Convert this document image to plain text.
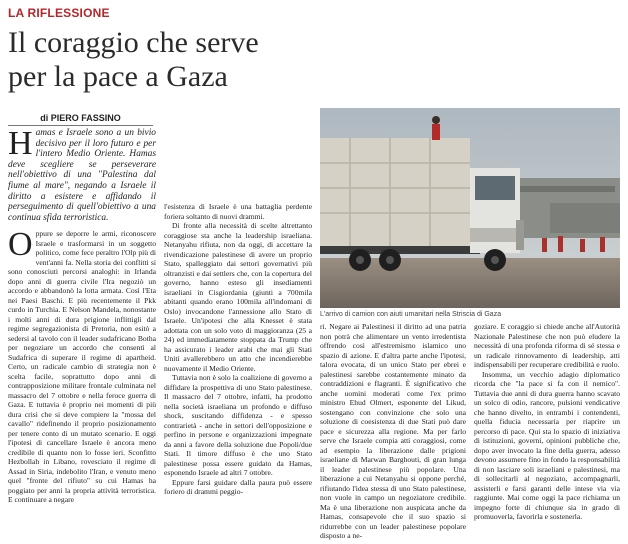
LA RIFLESSIONE
Il coraggio che serve
per la pace a Gaza
di PIERO FASSINO

Hamas e Israele sono a un bivio decisivo per il loro futuro e per l'intero Medio Oriente. Hamas deve scegliere se perseverare nell'obiettivo di una "Palestina dal fiume al mare", negando a Israele il diritto a esistere e affidando il perseguimento di quell'obiettivo a una continua sfida terroristica.

Oppure se deporre le armi, riconoscere Israele e trasformarsi in un soggetto politico, come fece peraltro l'Olp più di vent'anni fa. Nella storia dei conflitti si sono conosciuti percorsi analoghi: in Irlanda dopo anni di guerra civile l'Ira negoziò un accordo e abbandonò la lotta armata. Così l'Eta nei Paesi Baschi. E più recentemente il Pkk curdo in Turchia. E Nelson Mandela, nonostante i molti anni di dura prigione inflittigli dal regime segregazionista di Pretoria, non esitò a sedersi al tavolo con il leader sudafricano Botha per negoziare un accordo che consentì al Sudafrica di superare il regime di apartheid. Certo, un radicale cambio di strategia non è scelta facile, soprattutto dopo anni di contrapposizione militare frontale culminata nel massacro del 7 ottobre e nella feroce guerra di Gaza. E tuttavia è proprio nei momenti di più dura crisi che si deve compiere la "mossa del cavallo" ridefinendo il proprio posizionamento per tenere conto di un mutato scenario. E oggi l'ipotesi di cancellare Israele è ancora meno credibile di quanto non lo fosse ieri. Sconfitto Hezbollah in Libano, rovesciato il regime di Assad in Siria, indebolito l'Iran, e venuto meno quel "fronte del rifiuto" su cui Hamas ha poggiato per anni la propria attività terroristica. E continuare a negare

l'esistenza di Israele è una battaglia perdente foriera soltanto di nuovi drammi.

Di fronte alla necessità di scelte altrettanto coraggiose sta anche la leadership israeliana. Netanyahu rifiuta, non da oggi, di accettare la rivendicazione palestinese di avere un proprio Stato, spalleggiato dai settori governativi più oltranzisti e dai settlers che, con la copertura del governo, hanno esteso gli insediamenti israeliani in Cisgiordania (giunti a 700mila abitanti quando erano 100mila all'indomani di Oslo) invocandone l'annessione allo Stato di Israele. Un'ipotesi che alla Knesset è stata adottata con un solo voto di maggioranza (25 a 24) ed immediatamente stoppata da Trump che ha assicurato i leader arabi che mai gli Stati Uniti avallerebbero un atto che incendierebbe nuovamente il Medio Oriente.

Tuttavia non è solo la coalizione di governo a diffidare la prospettiva di uno Stato palestinese. Il massacro del 7 ottobre, infatti, ha prodotto nella società israeliana un profondo e diffuso shock, suscitando diffidenza - e spesso contrarietà - anche in settori dell'opposizione e perfino in persone e organizzazioni impegnate da anni a favore della soluzione due Popoli/due Stati. Il timore diffuso è che uno Stato palestinese possa essere guidato da Hamas, esponendo Israele ad altri 7 ottobre.

Eppure farsi guidare dalla paura può essere foriero di drammi peggio-

L'arrivo di camion con aiuti umanitari nella Striscia di Gaza

ri. Negare ai Palestinesi il diritto ad una patria non potrà che alimentare un vento irredentista offrendo così all'estremismo islamico uno spazio di azione. E d'altra parte anche l'ipotesi, talora evocata, di un unico Stato per ebrei e palestinesi sarebbe costantemente minato da contraddizioni e flagranti. È significativo che anche uomini moderati come l'ex primo ministro Ehud Olmert, esponente del Likud, sostengano con convinzione che solo una soluzione di coesistenza di due Stati può dare pace e sicurezza alla regione. Ma per farlo serve che Israele compia atti coraggiosi, come ad esempio la liberazione dalle prigioni israeliane di Marwan Barghouti, di gran lunga il leader palestinese più popolare. Una liberazione a cui Netanyahu si oppone perché, rifiutando l'idea stessa di uno Stato palestinese, non vuole in campo un negoziatore credibile. Ma è una liberazione non auspicata anche da Hamas, consapevole che il suo spazio si ridurrebbe con un leader palestinese popolare disposto a ne-

goziare. E coraggio si chiede anche all'Autorità Nazionale Palestinese che non può eludere la necessità di una profonda riforma di sé stessa e un radicale rinnovamento di leadership, atti indispensabili per recuperare credibilità e ruolo.

Insomma, un vecchio adagio diplomatico ricorda che "la pace si fa con il nemico". Tuttavia due anni di dura guerra hanno scavato un solco di odio, rancore, pulsioni vendicative che hanno divelto, in entrambi i contendenti, quella fiducia necessaria per riaprire un percorso di pace. Qui sta lo spazio di iniziativa di istituzioni, governi, opinioni pubbliche che, dopo aver invocato la fine della guerra, adesso devono assumere fino in fondo la responsabilità di non lasciare soli israeliani e palestinesi, ma di sollecitarli al negoziato, accompagnarli, assisterli e farsi garanti delle intese via via raggiunte. Mai come oggi la pace richiama un impegno forte di chiunque sia in grado di promuoverla, favorirla e sostenerla.
